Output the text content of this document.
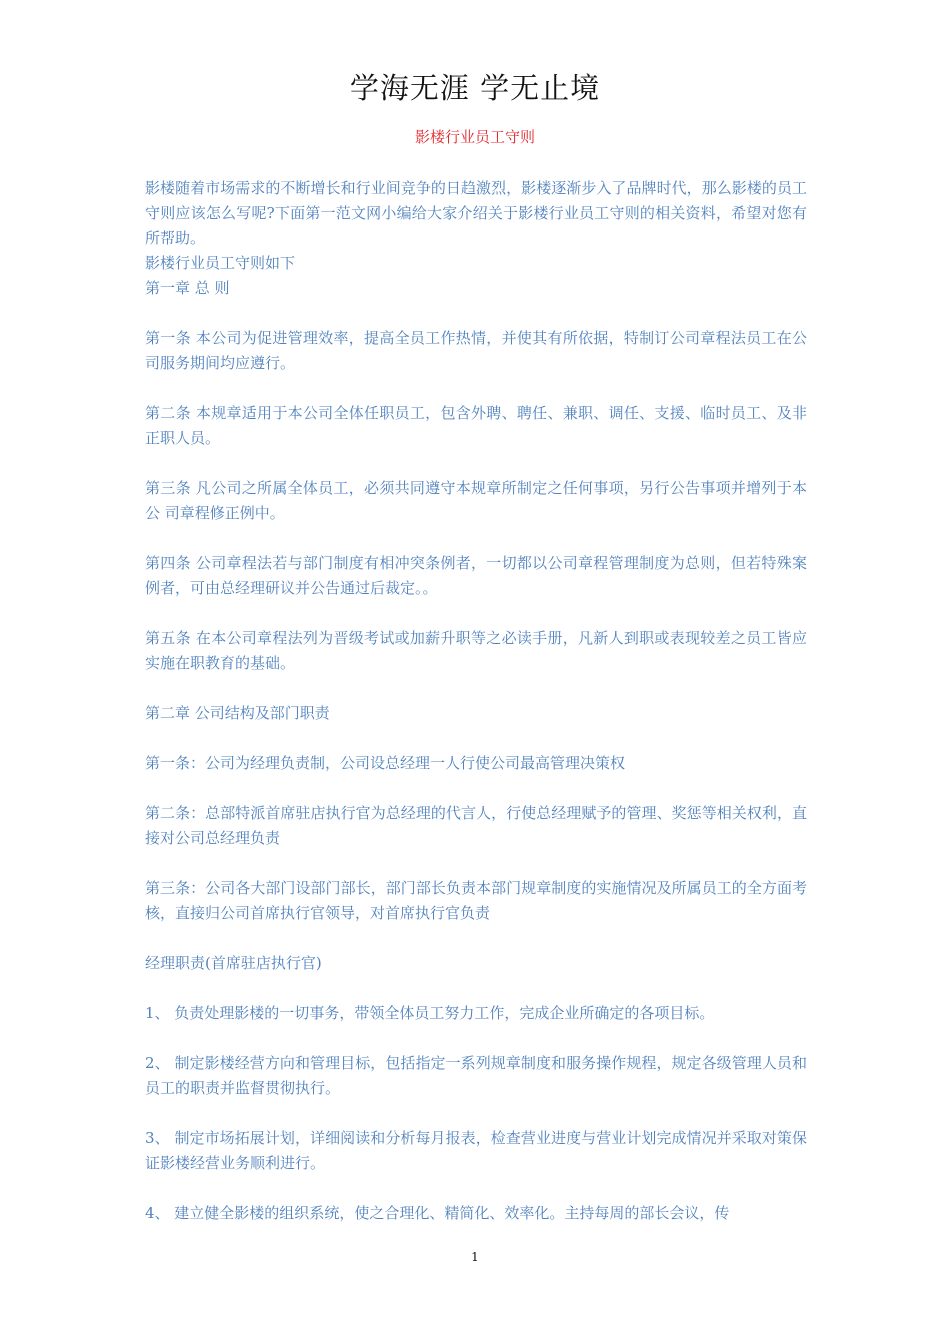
学海无涯 学无止境
影楼行业员工守则

影楼随着市场需求的不断增长和行业间竞争的日趋激烈，影楼逐渐步入了品牌时代，那么影楼的员工守则应该怎么写呢?下面第一范文网小编给大家介绍关于影楼行业员工守则的相关资料，希望对您有所帮助。

影楼行业员工守则如下

第一章 总 则

第一条 本公司为促进管理效率，提高全员工作热情，并使其有所依据，特制订公司章程法员工在公司服务期间均应遵行。

第二条 本规章适用于本公司全体任职员工，包含外聘、聘任、兼职、调任、支援、临时员工、及非正职人员。

第三条 凡公司之所属全体员工，必须共同遵守本规章所制定之任何事项，另行公告事项并增列于本公 司章程修正例中。

第四条 公司章程法若与部门制度有相冲突条例者，一切都以公司章程管理制度为总则，但若特殊案例者，可由总经理研议并公告通过后裁定。。

第五条 在本公司章程法列为晋级考试或加薪升职等之必读手册，凡新人到职或表现较差之员工皆应实施在职教育的基础。

第二章 公司结构及部门职责

第一条：公司为经理负责制，公司设总经理一人行使公司最高管理决策权

第二条：总部特派首席驻店执行官为总经理的代言人，行使总经理赋予的管理、奖惩等相关权利，直接对公司总经理负责

第三条：公司各大部门设部门部长，部门部长负责本部门规章制度的实施情况及所属员工的全方面考核，直接归公司首席执行官领导，对首席执行官负责

经理职责(首席驻店执行官)

1、 负责处理影楼的一切事务，带领全体员工努力工作，完成企业所确定的各项目标。

2、 制定影楼经营方向和管理目标，包括指定一系列规章制度和服务操作规程，规定各级管理人员和员工的职责并监督贯彻执行。

3、 制定市场拓展计划，详细阅读和分析每月报表，检查营业进度与营业计划完成情况并采取对策保证影楼经营业务顺利进行。

4、 建立健全影楼的组织系统，使之合理化、精简化、效率化。主持每周的部长会议，传

1
